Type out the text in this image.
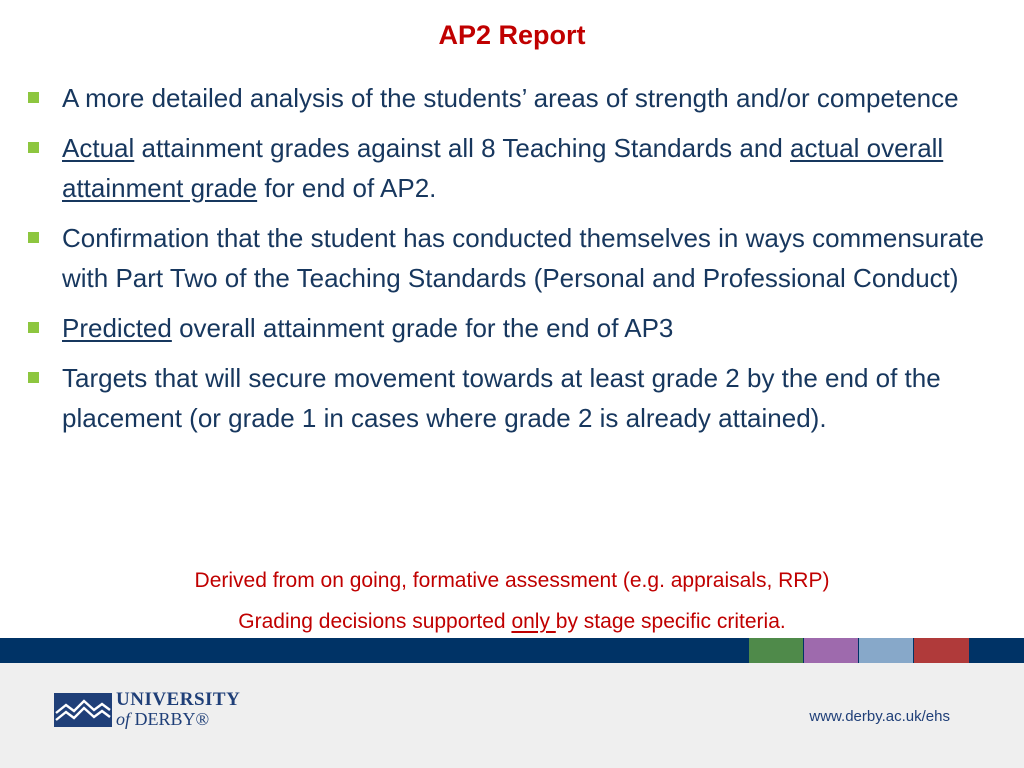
AP2 Report
A more detailed analysis of the students’ areas of strength and/or competence
Actual attainment grades against all 8 Teaching Standards and actual overall attainment grade for end of AP2.
Confirmation that the student has conducted themselves in ways commensurate with Part Two of the Teaching Standards (Personal and Professional Conduct)
Predicted overall attainment grade for the end of AP3
Targets that will secure movement towards at least grade 2 by the end of the placement (or grade 1 in cases where grade 2 is already attained).
Derived from on going, formative assessment (e.g. appraisals, RRP)
Grading decisions supported only by stage specific criteria.
UNIVERSITY
of DERBY®	www.derby.ac.uk/ehs
